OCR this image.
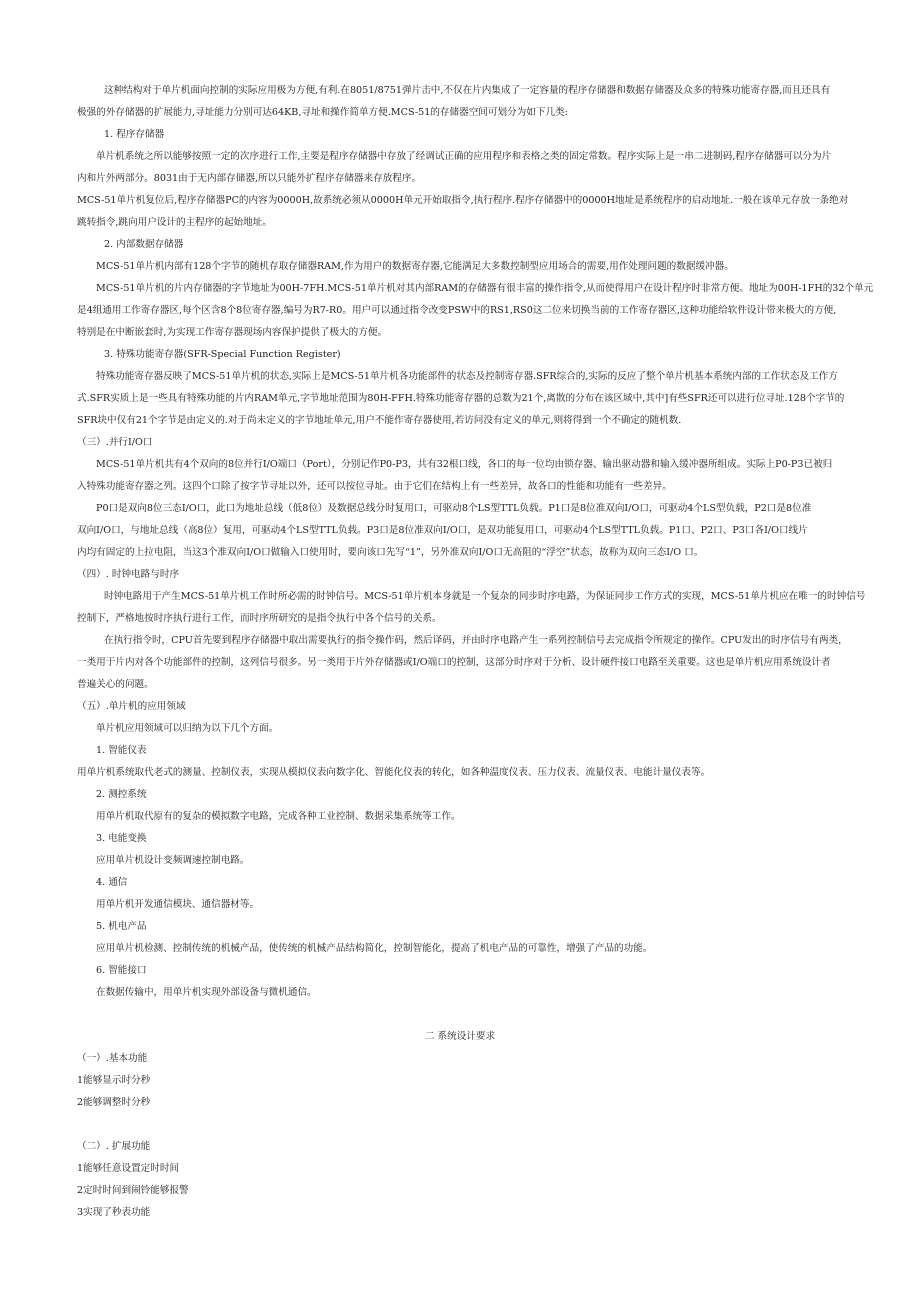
这种结构对于单片机面向控制的实际应用极为方便,有利.在8051/8751弹片击中,不仅在片内集成了一定容量的程序存储器和数据存储器及众多的特殊功能寄存器,而且还具有
极强的外存储器的扩展能力,寻址能力分别可达64KB,寻址和操作简单方便.MCS-51的存储器空间可划分为如下几类:
1. 程序存储器
单片机系统之所以能够按照一定的次序进行工作,主要是程序存储器中存放了经调试正确的应用程序和表格之类的固定常数。程序实际上是一串二进制码,程序存储器可以分为片
内和片外两部分。8031由于无内部存储器,所以只能外扩程序存储器来存放程序。
MCS-51单片机复位后,程序存储器PC的内容为0000H,故系统必须从0000H单元开始取指令,执行程序.程序存储器中的0000H地址是系统程序的启动地址.一般在该单元存放一条绝对
跳转指令,跳向用户设计的主程序的起始地址。
2. 内部数据存储器
MCS-51单片机内部有128个字节的随机存取存储器RAM,作为用户的数据寄存器,它能满足大多数控制型应用场合的需要,用作处理问题的数据缓冲器。
MCS-51单片机的片内存储器的字节地址为00H-7FH.MCS-51单片机对其内部RAM的存储器有很丰富的操作指令,从而使得用户在设计程序时非常方便。地址为00H-1FH的32个单元
是4组通用工作寄存器区,每个区含8个8位寄存器,编号为R7-R0。用户可以通过指令改变PSW中的RS1,RS0这二位来切换当前的工作寄存器区,这种功能给软件设计带来极大的方便,
特别是在中断嵌套时,为实现工作寄存器现场内容保护提供了极大的方便。
3. 特殊功能寄存器(SFR-Special Function Register)
特殊功能寄存器反映了MCS-51单片机的状态,实际上是MCS-51单片机各功能部件的状态及控制寄存器.SFR综合的,实际的反应了整个单片机基本系统内部的工作状态及工作方
式.SFR实质上是一些具有特殊功能的片内RAM单元,字节地址范围为80H-FFH.特殊功能寄存器的总数为21个,离散的分布在该区域中,其中]有些SFR还可以进行位寻址.128个字节的
SFR块中仅有21个字节是由定义的.对于尚未定义的字节地址单元,用户不能作寄存器使用,若访问没有定义的单元,则将得到一个不确定的随机数.
（三）.并行I/O口
MCS-51单片机共有4个双向的8位并行I/O端口（Port），分别记作P0-P3，共有32根口线，各口的每一位均由锁存器、输出驱动器和输入缓冲器所组成。实际上P0-P3已被归
入特殊功能寄存器之列。这四个口除了按字节寻址以外，还可以按位寻址。由于它们在结构上有一些差异，故各口的性能和功能有一些差异。
P0口是双向8位三态I/O口，此口为地址总线（低8位）及数据总线分时复用口，可驱动8个LS型TTL负载。P1口是8位准双向I/O口，可驱动4个LS型负载，P2口是8位准
双向I/O口，与地址总线（高8位）复用，可驱动4个LS型TTL负载。P3口是8位准双向I/O口，是双功能复用口，可驱动4个LS型TTL负载。P1口、P2口、P3口各I/O口线片
内均有固定的上拉电阻，当这3个准双向I/O口做输入口使用时，要向该口先写“1”，另外准双向I/O口无高阻的“浮空”状态，故称为双向三态I/O 口。
（四）. 时钟电路与时序
时钟电路用于产生MCS-51单片机工作时所必需的时钟信号。MCS-51单片机本身就是一个复杂的同步时序电路，为保证同步工作方式的实现，MCS-51单片机应在唯一的时钟信号
控制下，严格地按时序执行进行工作，而时序所研究的是指令执行中各个信号的关系。
在执行指令时，CPU首先要到程序存储器中取出需要执行的指令操作码，然后译码，并由时序电路产生一系列控制信号去完成指令所规定的操作。CPU发出的时序信号有两类，
一类用于片内对各个功能部件的控制，这列信号很多。另一类用于片外存储器或I/O端口的控制，这部分时序对于分析、设计硬件接口电路至关重要。这也是单片机应用系统设计者
普遍关心的问题。
（五）.单片机的应用领域
单片机应用领域可以归纳为以下几个方面。
1. 智能仪表
用单片机系统取代老式的测量、控制仪表，实现从模拟仪表向数字化、智能化仪表的转化，如各种温度仪表、压力仪表、流量仪表、电能计量仪表等。
2. 测控系统
用单片机取代原有的复杂的模拟数字电路，完成各种工业控制、数据采集系统等工作。
3. 电能变换
应用单片机设计变频调速控制电路。
4. 通信
用单片机开发通信模块、通信器材等。
5. 机电产品
应用单片机检测、控制传统的机械产品，使传统的机械产品结构简化，控制智能化，提高了机电产品的可靠性，增强了产品的功能。
6. 智能接口
在数据传输中，用单片机实现外部设备与微机通信。
二 系统设计要求
（一）.基本功能
1能够显示时分秒
2能够调整时分秒
（二）. 扩展功能
1能够任意设置定时时间
2定时时间到闹铃能够报警
3实现了秒表功能
